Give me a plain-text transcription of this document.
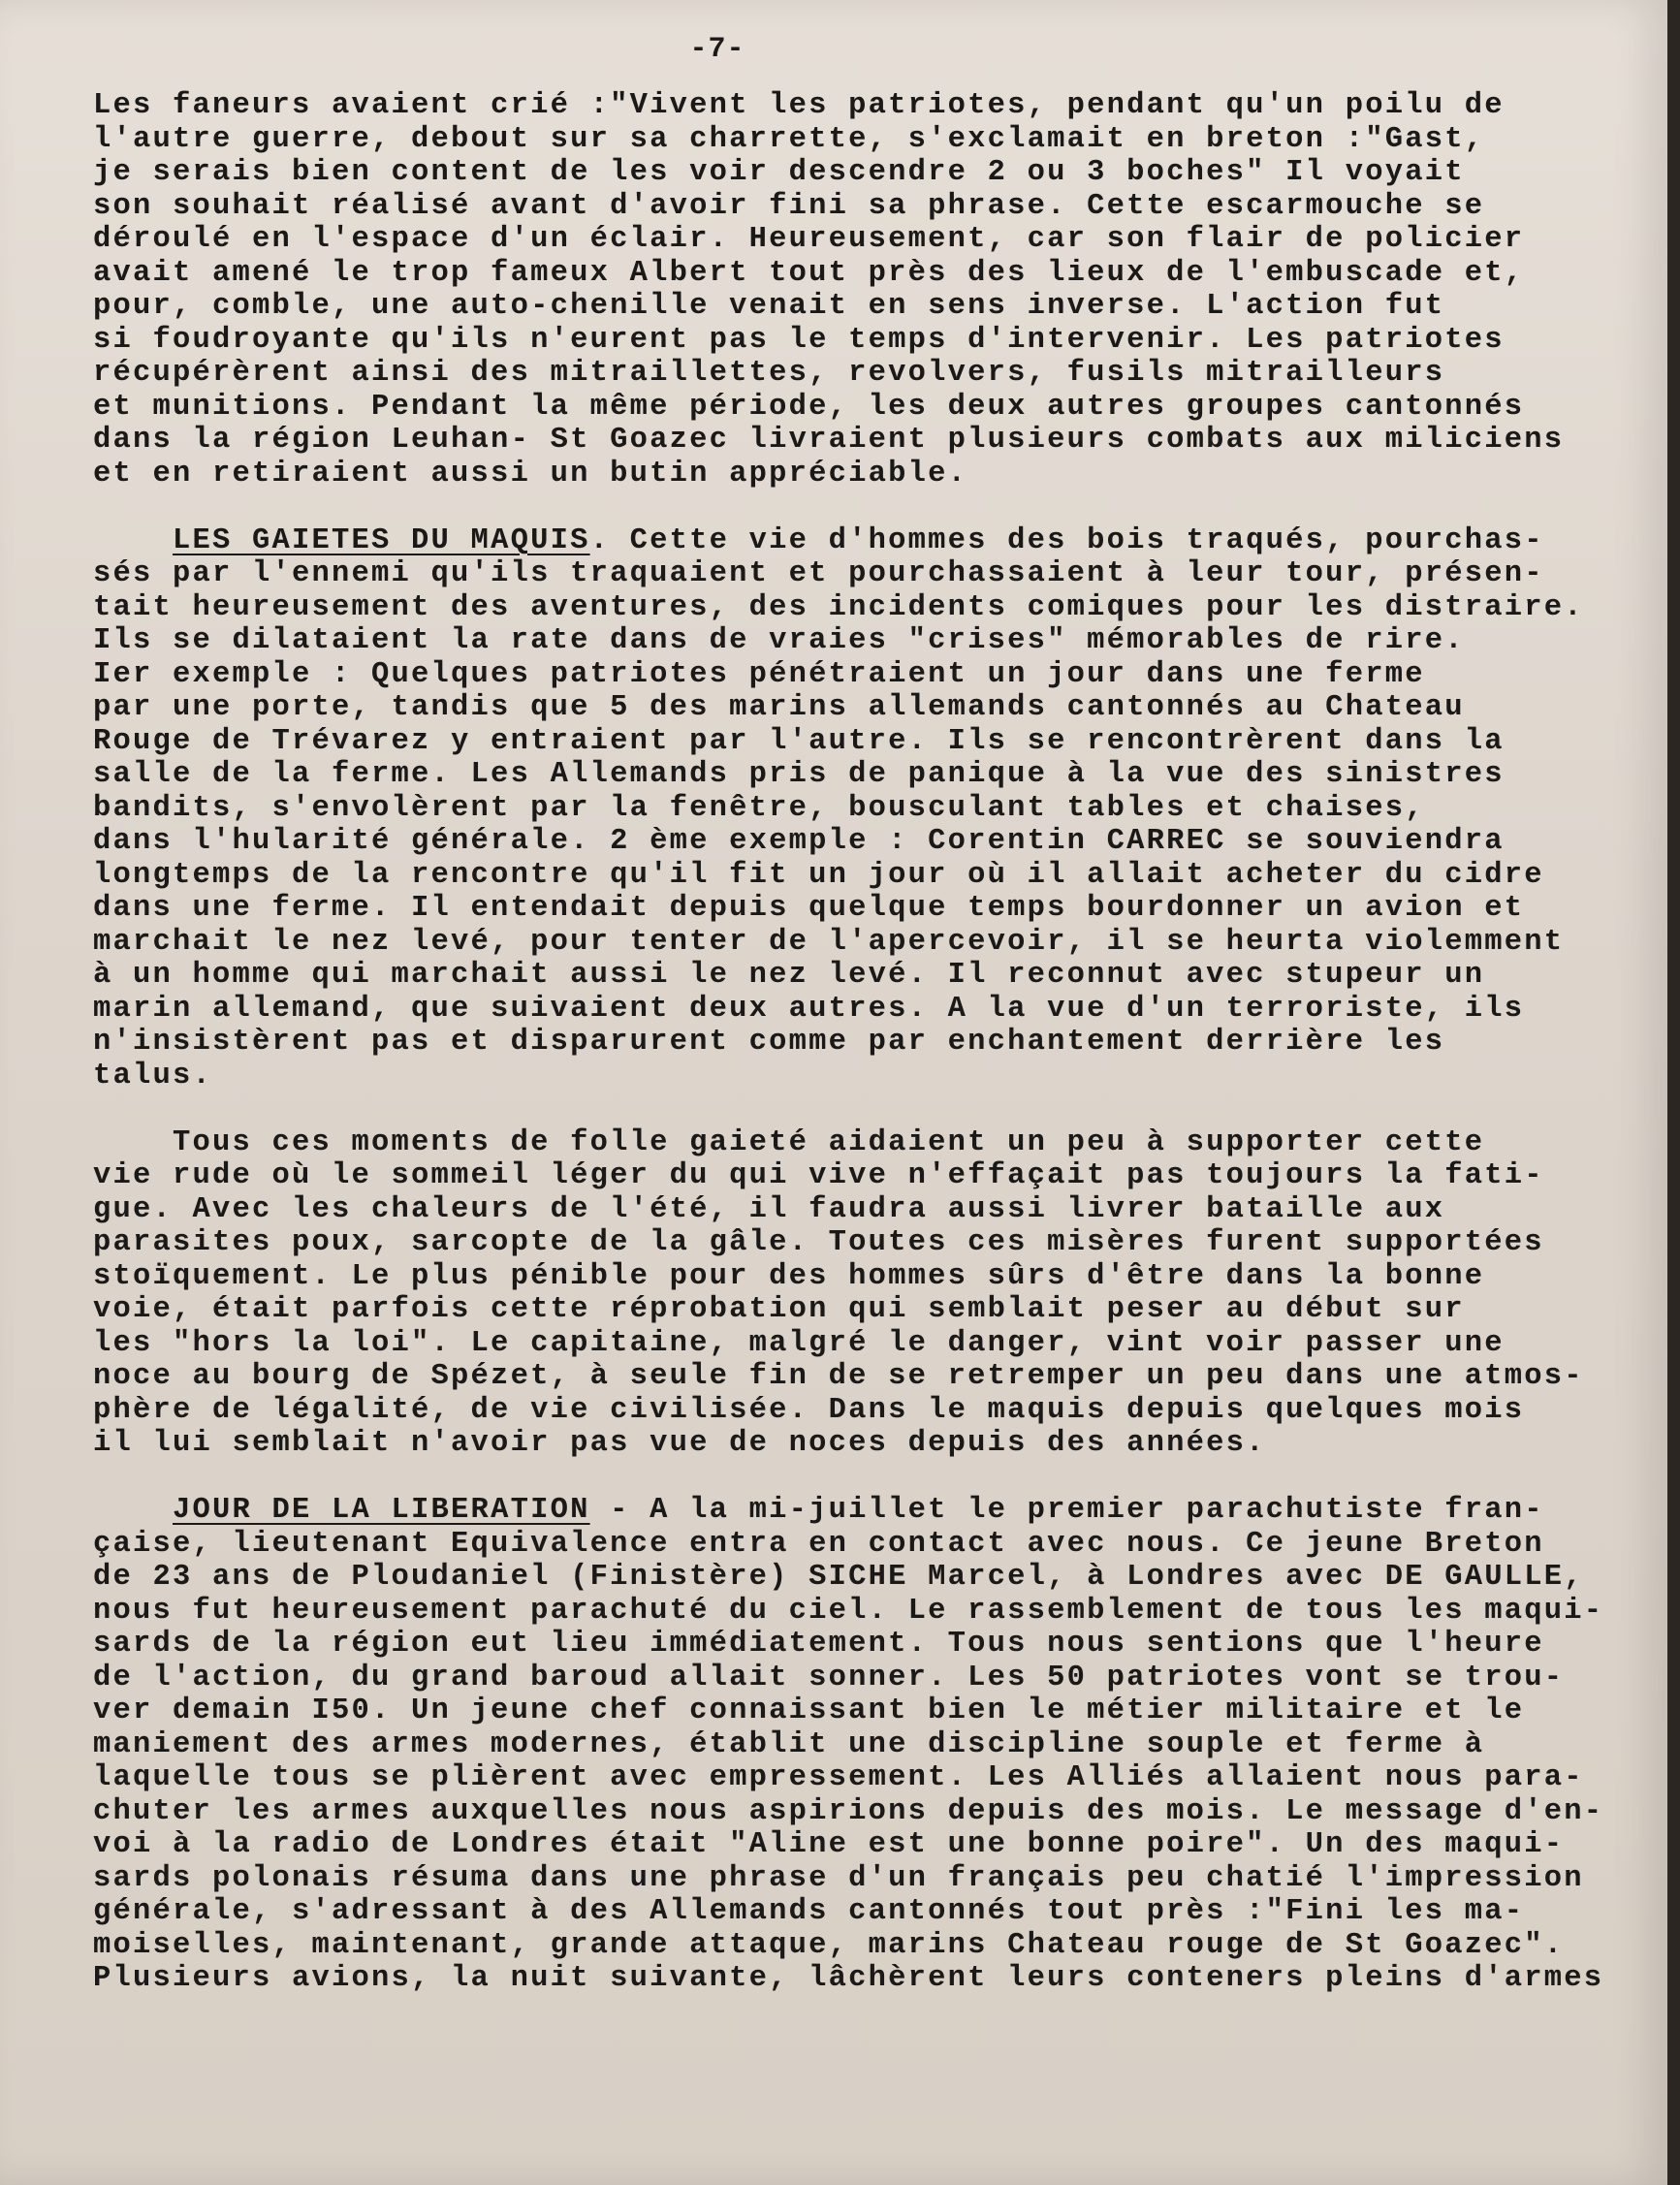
-7-
Les faneurs avaient crié :"Vivent les patriotes, pendant qu'un poilu de
l'autre guerre, debout sur sa charrette, s'exclamait en breton :"Gast,
je serais bien content de les voir descendre 2 ou 3 boches" Il voyait
son souhait réalisé avant d'avoir fini sa phrase. Cette escarmouche se
déroulé en l'espace d'un éclair. Heureusement, car son flair de policier
avait amené le trop fameux Albert tout près des lieux de l'embuscade et,
pour, comble, une auto-chenille venait en sens inverse. L'action fut
si foudroyante qu'ils n'eurent pas le temps d'intervenir. Les patriotes
récupérèrent ainsi des mitraillettes, revolvers, fusils mitrailleurs
et munitions. Pendant la même période, les deux autres groupes cantonnés
dans la région Leuhan- St Goazec livraient plusieurs combats aux miliciens
et en retiraient aussi un butin appréciable.
LES GAIETES DU MAQUIS. Cette vie d'hommes des bois traqués, pourchas-
sés par l'ennemi qu'ils traquaient et pourchassaient à leur tour, présen-
tait heureusement des aventures, des incidents comiques pour les distraire.
Ils se dilataient la rate dans de vraies "crises" mémorables de rire.
Ier exemple : Quelques patriotes pénétraient un jour dans une ferme
par une porte, tandis que 5 des marins allemands cantonnés au Chateau
Rouge de Trévarez y entraient par l'autre. Ils se rencontrèrent dans la
salle de la ferme. Les Allemands pris de panique à la vue des sinistres
bandits, s'envolèrent par la fenêtre, bousculant tables et chaises,
dans l'hularité générale. 2 ème exemple : Corentin CARREC se souviendra
longtemps de la rencontre qu'il fit un jour où il allait acheter du cidre
dans une ferme. Il entendait depuis quelque temps bourdonner un avion et
marchait le nez levé, pour tenter de l'apercevoir, il se heurta violemment
à un homme qui marchait aussi le nez levé. Il reconnut avec stupeur un
marin allemand, que suivaient deux autres. A la vue d'un terroriste, ils
n'insistèrent pas et disparurent comme par enchantement derrière les
talus.
Tous ces moments de folle gaieté aidaient un peu à supporter cette
vie rude où le sommeil léger du qui vive n'effaçait pas toujours la fati-
gue. Avec les chaleurs de l'été, il faudra aussi livrer bataille aux
parasites poux, sarcopte de la gâle. Toutes ces misères furent supportées
stoïquement. Le plus pénible pour des hommes sûrs d'être dans la bonne
voie, était parfois cette réprobation qui semblait peser au début sur
les "hors la loi". Le capitaine, malgré le danger, vint voir passer une
noce au bourg de Spézet, à seule fin de se retremper un peu dans une atmos-
phère de légalité, de vie civilisée. Dans le maquis depuis quelques mois
il lui semblait n'avoir pas vue de noces depuis des années.
JOUR DE LA LIBERATION - A la mi-juillet le premier parachutiste fran-
çaise, lieutenant Equivalence entra en contact avec nous. Ce jeune Breton
de 23 ans de Ploudaniel (Finistère) SICHE Marcel, à Londres avec DE GAULLE,
nous fut heureusement parachuté du ciel. Le rassemblement de tous les maqui-
sards de la région eut lieu immédiatement. Tous nous sentions que l'heure
de l'action, du grand baroud allait sonner. Les 50 patriotes vont se trou-
ver demain I50. Un jeune chef connaissant bien le métier militaire et le
maniement des armes modernes, établit une discipline souple et ferme à
laquelle tous se plièrent avec empressement. Les Alliés allaient nous para-
chuter les armes auxquelles nous aspirions depuis des mois. Le message d'en-
voi à la radio de Londres était "Aline est une bonne poire". Un des maqui-
sards polonais résuma dans une phrase d'un français peu chatié l'impression
générale, s'adressant à des Allemands cantonnés tout près :"Fini les ma-
moiselles, maintenant, grande attaque, marins Chateau rouge de St Goazec".
Plusieurs avions, la nuit suivante, lâchèrent leurs conteners pleins d'armes
